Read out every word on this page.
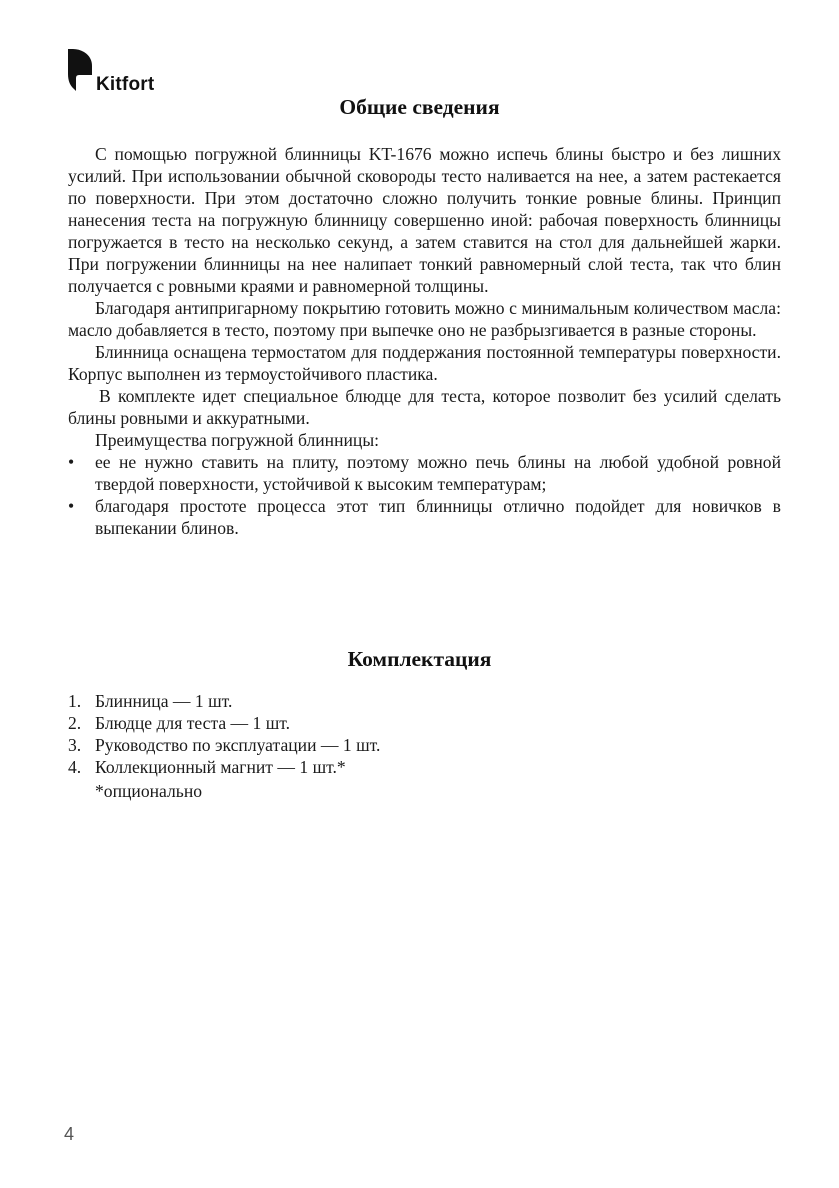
Kitfort
Общие сведения

С помощью погружной блинницы KT-1676 можно испечь блины быстро и без лишних усилий. При использовании обычной сковороды тесто наливается на нее, а затем растекается по поверхности. При этом достаточно сложно получить тонкие ровные блины. Принцип нанесения теста на погружную блинницу совершенно иной: рабочая поверхность блинницы погружается в тесто на несколько секунд, а затем ставится на стол для дальнейшей жарки. При погружении блинницы на нее налипает тонкий равномерный слой теста, так что блин получается с ровными краями и равномерной толщины.

Благодаря антипригарному покрытию готовить можно с минимальным количеством масла: масло добавляется в тесто, поэтому при выпечке оно не разбрызгивается в разные стороны.

Блинница оснащена термостатом для поддержания постоянной температуры поверхности. Корпус выполнен из термоустойчивого пластика.

В комплекте идет специальное блюдце для теста, которое позволит без усилий сделать блины ровными и аккуратными.

Преимущества погружной блинницы:

• ее не нужно ставить на плиту, поэтому можно печь блины на любой удобной ровной твердой поверхности, устойчивой к высоким температурам;
• благодаря простоте процесса этот тип блинницы отлично подойдет для новичков в выпекании блинов.
Комплектация
1. Блинница — 1 шт.
2. Блюдце для теста — 1 шт.
3. Руководство по эксплуатации — 1 шт.
4. Коллекционный магнит — 1 шт.*
*опционально
4
